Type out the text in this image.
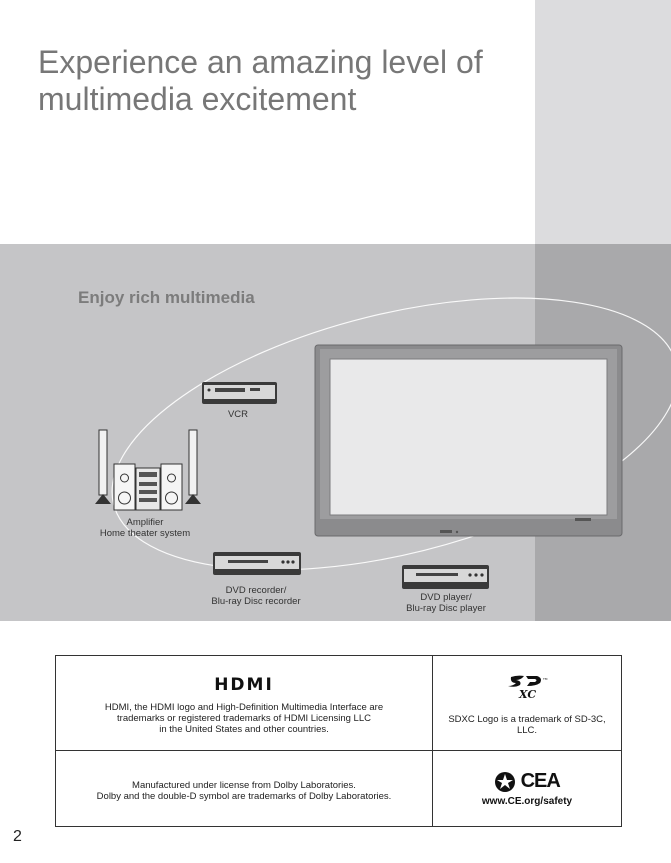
Experience an amazing level of
multimedia excitement
Enjoy rich multimedia
VCR
Amplifier
Home theater system
DVD recorder/
Blu-ray Disc recorder	DVD player/
Blu-ray Disc player
HDMI
HDMI, the HDMI logo and High-Definition Multimedia Interface are
trademarks or registered trademarks of HDMI Licensing LLC
in the United States and other countries.
XC
TM
SDXC Logo is a trademark of SD-3C,
LLC.
Manufactured under license from Dolby Laboratories.
Dolby and the double-D symbol are trademarks of Dolby Laboratories.
CEA
www.CE.org/safety
2
